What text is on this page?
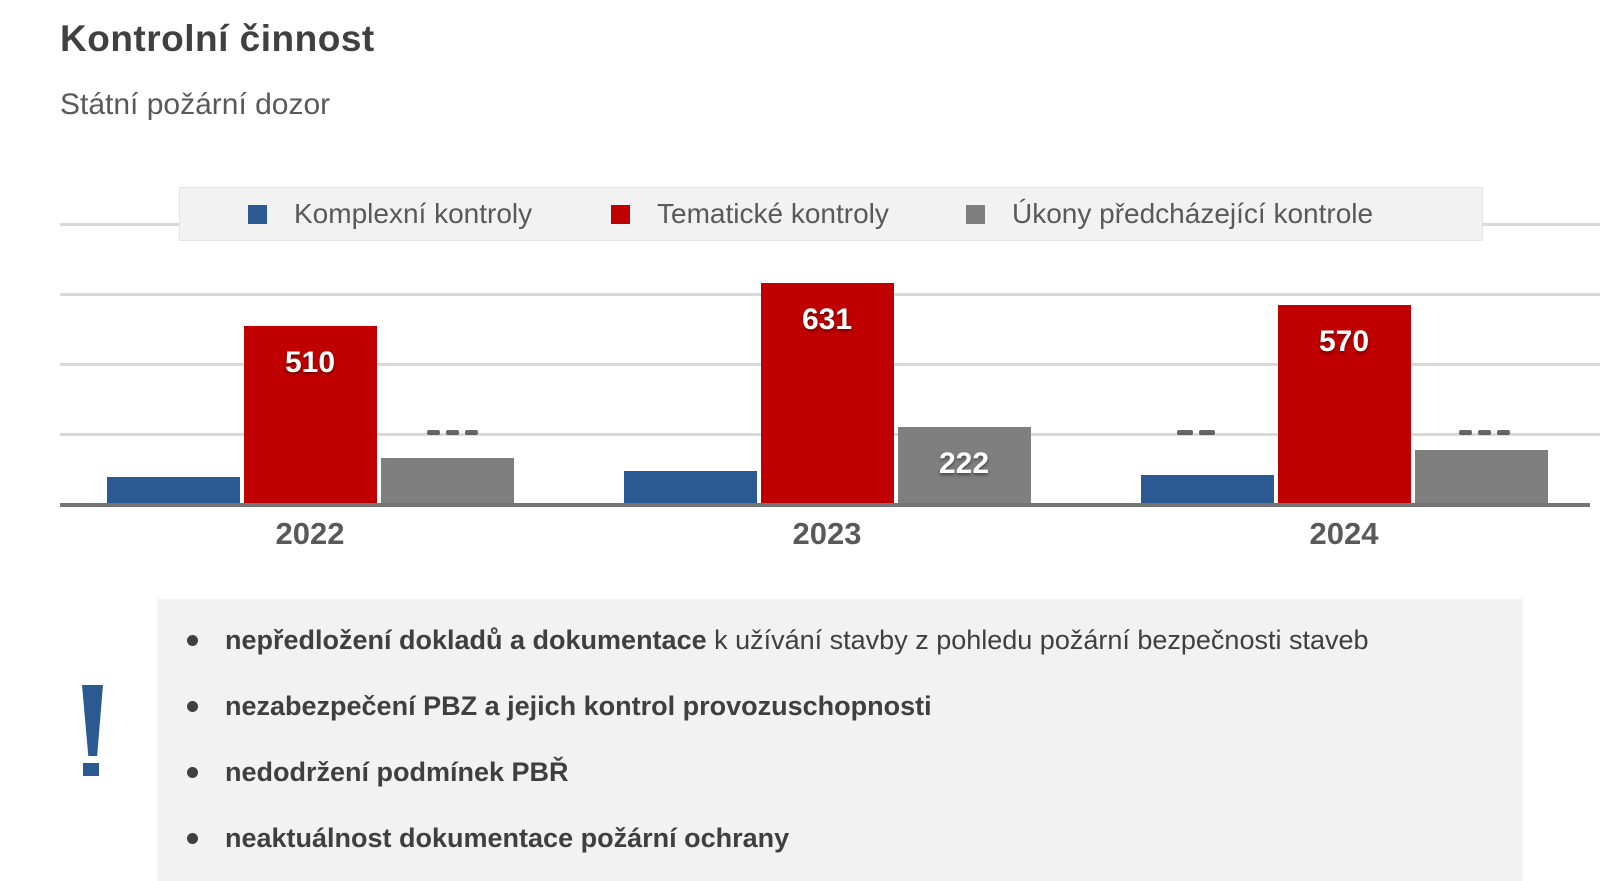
Kontrolní činnost
Státní požární dozor
510
2022
631
222
2023
570
2024
Komplexní kontroly	Tematické kontroly	Úkony předcházející kontrole
nepředložení dokladů a dokumentace k užívání stavby z pohledu požární bezpečnosti staveb
nezabezpečení PBZ a jejich kontrol provozuschopnosti
nedodržení podmínek PBŘ
neaktuálnost dokumentace požární ochrany
